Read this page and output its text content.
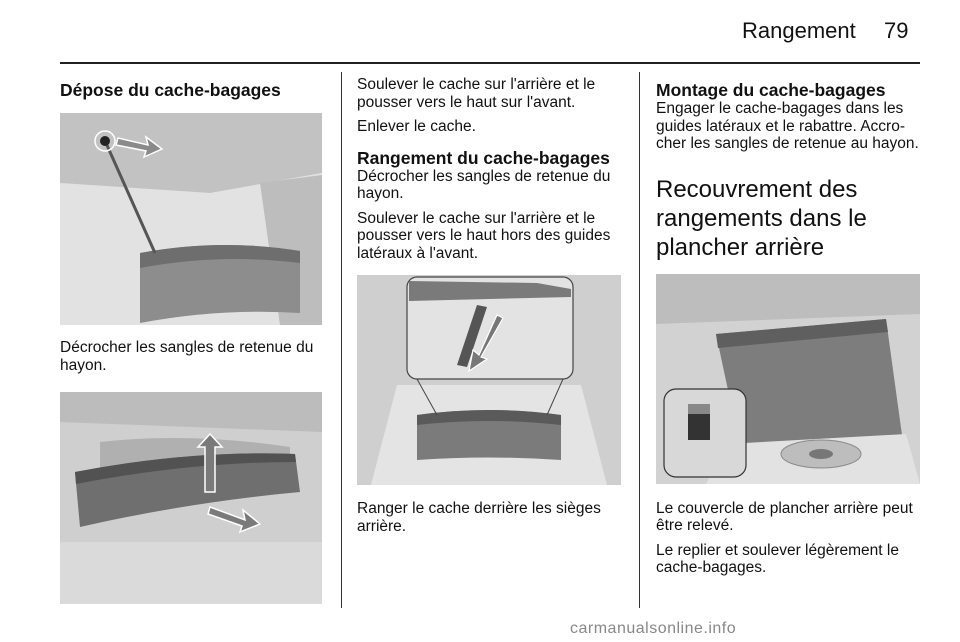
Rangement 79
Dépose du cache-bagages

Décrocher les sangles de retenue du hayon.

Soulever le cache sur l'arrière et le pousser vers le haut sur l'avant.

Enlever le cache.

Rangement du cache-bagages

Décrocher les sangles de retenue du hayon.

Soulever le cache sur l'arrière et le pousser vers le haut hors des guides latéraux à l'avant.

Ranger le cache derrière les sièges arrière.

Montage du cache-bagages

Engager le cache-bagages dans les guides latéraux et le rabattre. Accro-cher les sangles de retenue au hayon.

Recouvrement des rangements dans le plancher arrière

Le couvercle de plancher arrière peut être relevé.

Le replier et soulever légèrement le cache-bagages.

carmanualsonline.info
